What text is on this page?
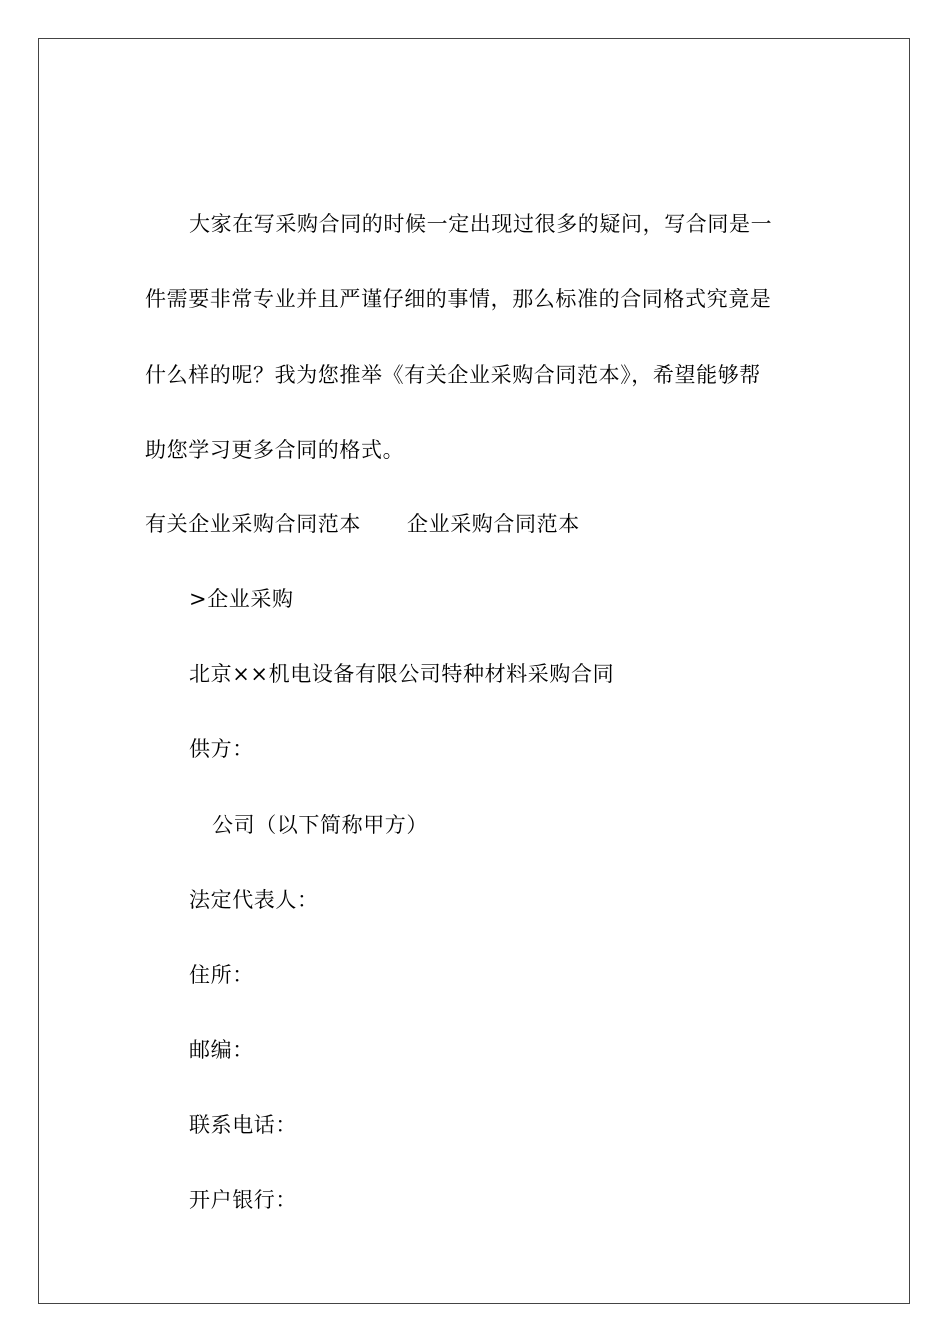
大家在写采购合同的时候一定出现过很多的疑问，写合同是一
件需要非常专业并且严谨仔细的事情，那么标准的合同格式究竟是
什么样的呢？我为您推举《有关企业采购合同范本》，希望能够帮
助您学习更多合同的格式。
有关企业采购合同范本 企业采购合同范本
>企业采购
北京××机电设备有限公司特种材料采购合同
供方：
公司（以下简称甲方）
法定代表人：
住所：
邮编：
联系电话：
开户银行：
